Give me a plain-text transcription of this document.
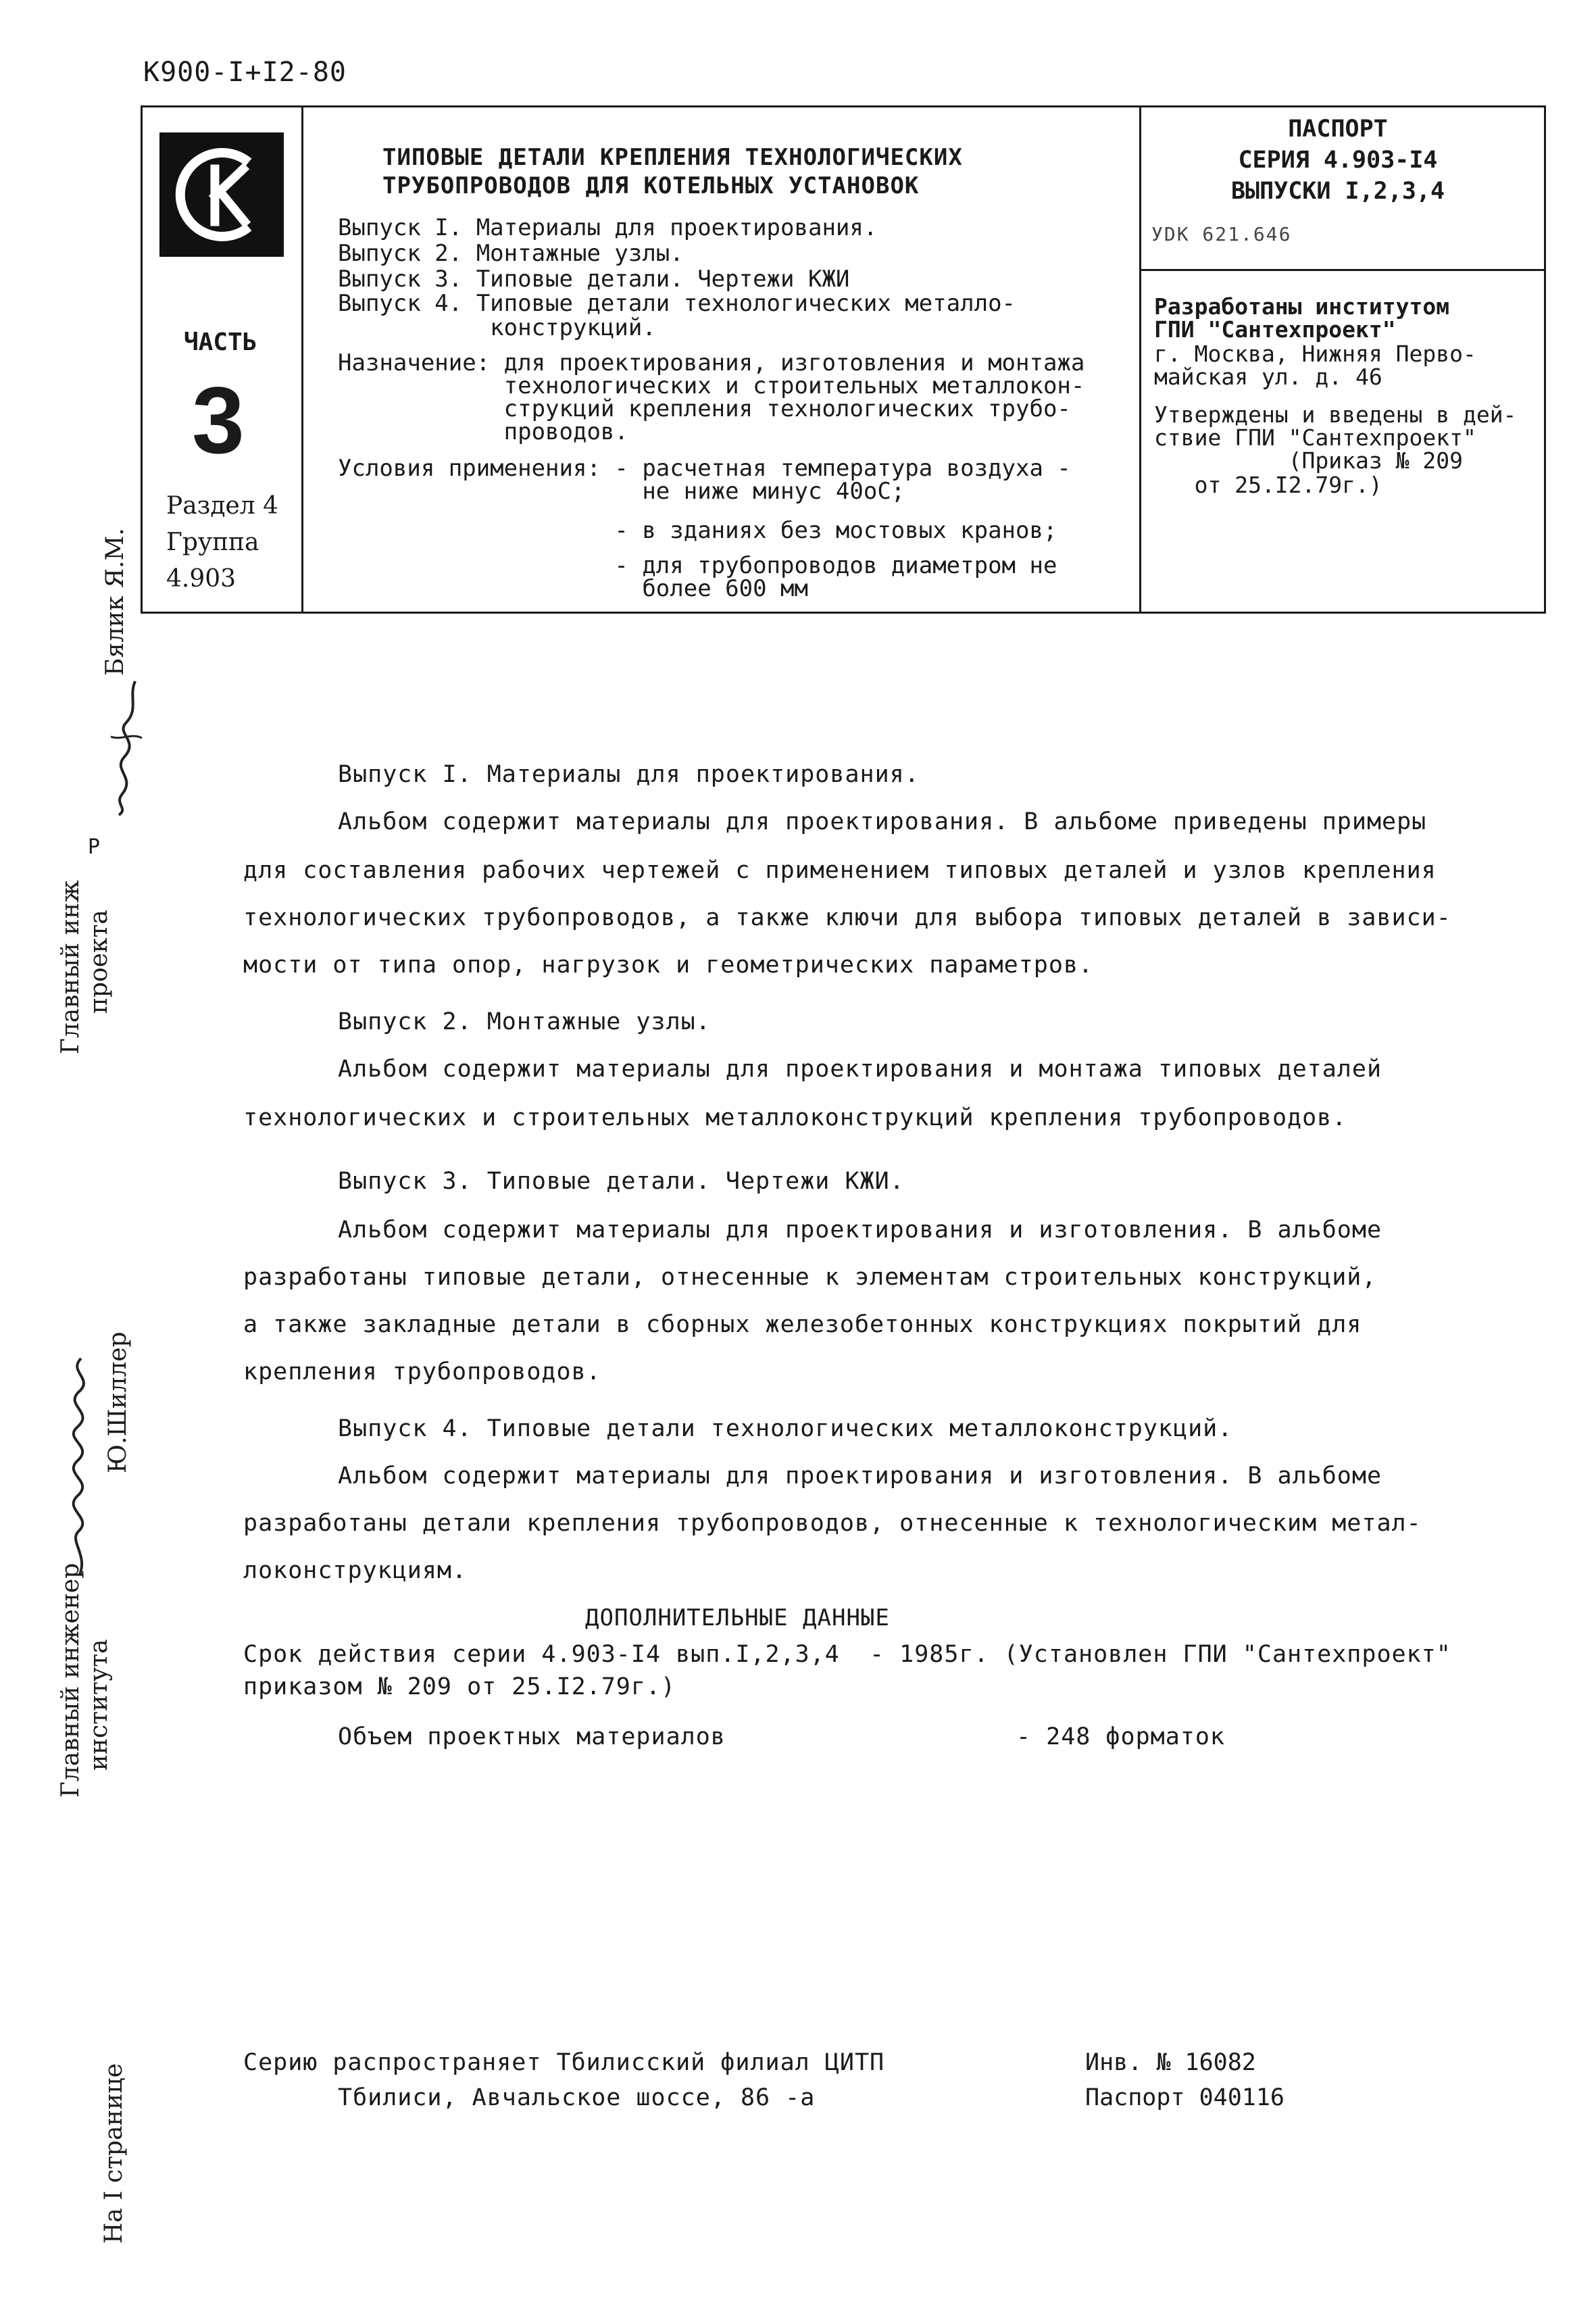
К900-I+I2-80
ЧАСТЬ
3
Раздел 4
Группа
4.903
ТИПОВЫЕ ДЕТАЛИ КРЕПЛЕНИЯ ТЕХНОЛОГИЧЕСКИХ
ТРУБОПРОВОДОВ ДЛЯ КОТЕЛЬНЫХ УСТАНОВОК
Выпуск I. Материалы для проектирования.
Выпуск 2. Монтажные узлы.
Выпуск 3. Типовые детали. Чертежи КЖИ
Выпуск 4. Типовые детали технологических металло-
конструкций.
Назначение: для проектирования, изготовления и монтажа
технологических и строительных металлокон-
струкций крепления технологических трубо-
проводов.
Условия применения: - расчетная температура воздуха -
не ниже минус 40оС;
- в зданиях без мостовых кранов;
- для трубопроводов диаметром не
более 600 мм
ПАСПОРТ
СЕРИЯ 4.903-I4
ВЫПУСКИ I,2,3,4
УDК 621.646
Разработаны институтом
ГПИ "Сантехпроект"
г. Москва, Нижняя Перво-
майская ул. д. 46
Утверждены и введены в дей-
ствие ГПИ "Сантехпроект"
(Приказ № 209
от 25.I2.79г.)
Выпуск I. Материалы для проектирования.
Альбом содержит материалы для проектирования. В альбоме приведены примеры
для составления рабочих чертежей с применением типовых деталей и узлов крепления
технологических трубопроводов, а также ключи для выбора типовых деталей в зависи-
мости от типа опор, нагрузок и геометрических параметров.
Выпуск 2. Монтажные узлы.
Альбом содержит материалы для проектирования и монтажа типовых деталей
технологических и строительных металлоконструкций крепления трубопроводов.
Выпуск 3. Типовые детали. Чертежи КЖИ.
Альбом содержит материалы для проектирования и изготовления. В альбоме
разработаны типовые детали, отнесенные к элементам строительных конструкций,
а также закладные детали в сборных железобетонных конструкциях покрытий для
крепления трубопроводов.
Выпуск 4. Типовые детали технологических металлоконструкций.
Альбом содержит материалы для проектирования и изготовления. В альбоме
разработаны детали крепления трубопроводов, отнесенные к технологическим метал-
локонструкциям.
ДОПОЛНИТЕЛЬНЫЕ ДАННЫЕ
Срок действия серии 4.903-I4 вып.I,2,3,4  - 1985г. (Установлен ГПИ "Сантехпроект"
приказом № 209 от 25.I2.79г.)
Объем проектных материалов	- 248 форматок
Серию распространяет Тбилисский филиал ЦИТП
Тбилиси, Авчальское шоссе, 86 -а
Инв. № 16082
Паспорт 040116
Бялик Я.М.
Главный инж проекта
Р
Ю.Шиллер
Главный инженер института
На I странице
